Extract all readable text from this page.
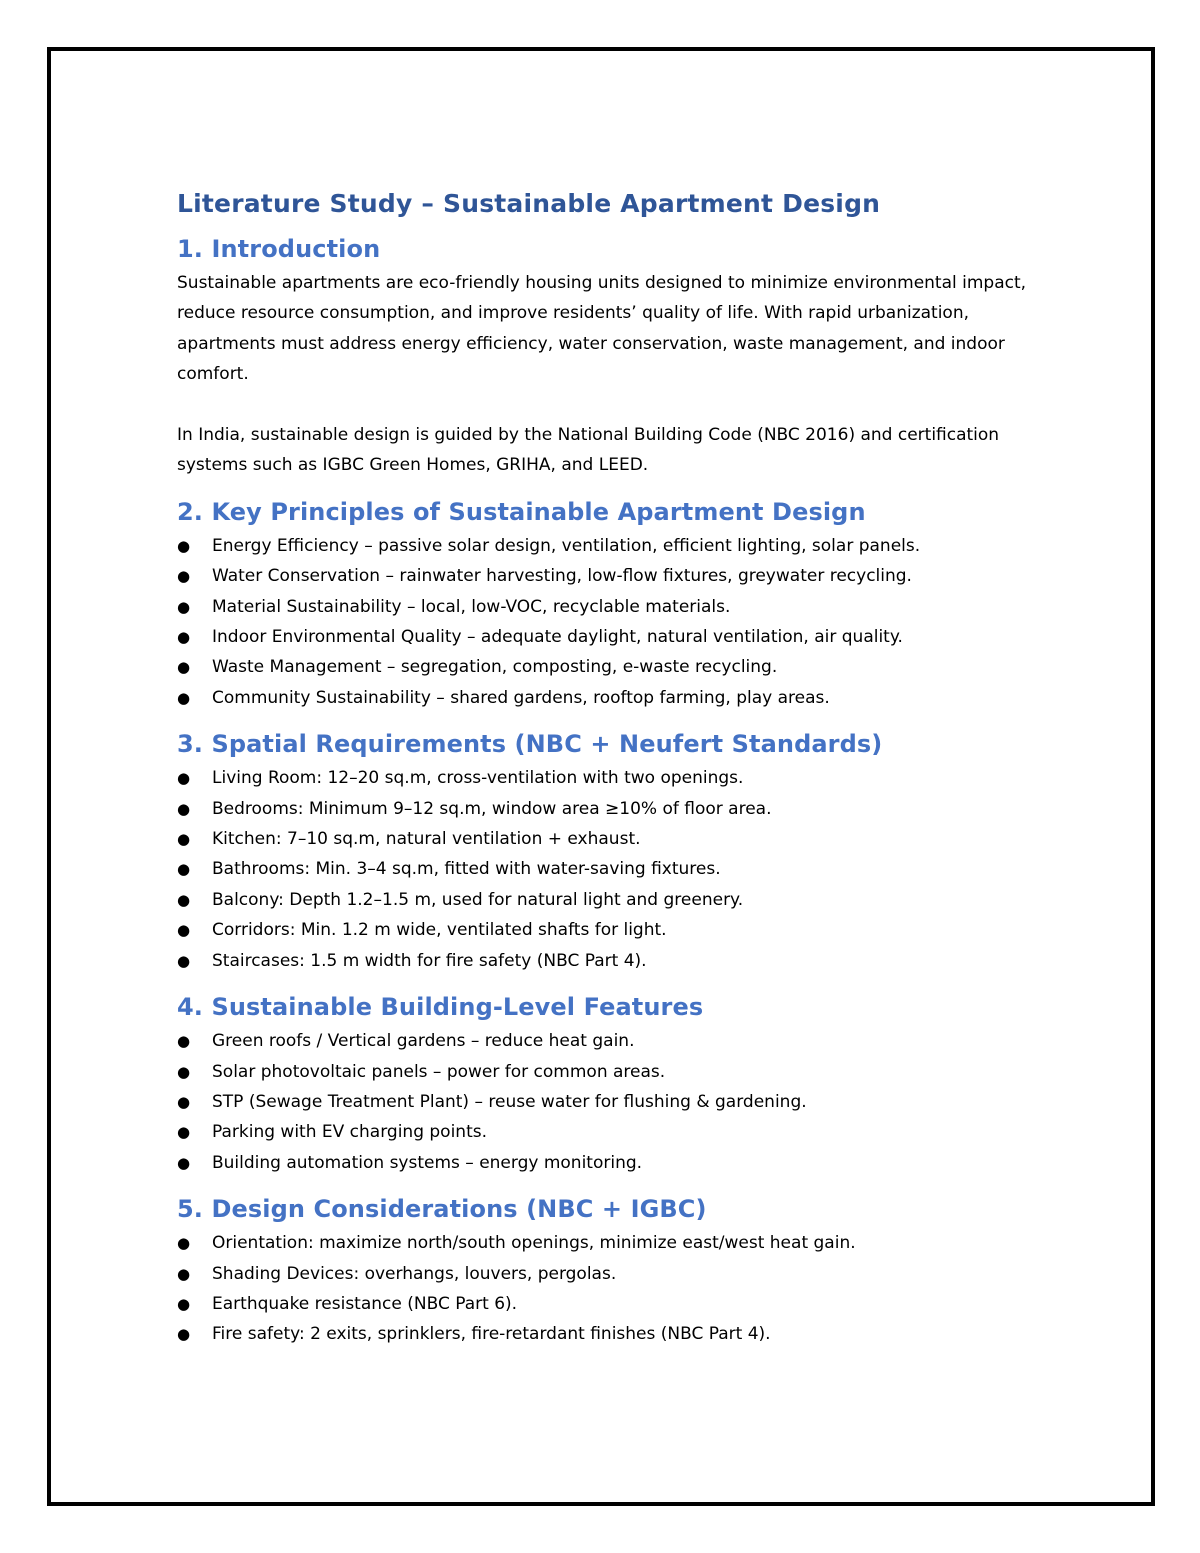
Literature Study – Sustainable Apartment Design
1. Introduction

Sustainable apartments are eco-friendly housing units designed to minimize environmental impact, reduce resource consumption, and improve residents’ quality of life. With rapid urbanization, apartments must address energy efficiency, water conservation, waste management, and indoor comfort.

In India, sustainable design is guided by the National Building Code (NBC 2016) and certification systems such as IGBC Green Homes, GRIHA, and LEED.

2. Key Principles of Sustainable Apartment Design
● Energy Efficiency – passive solar design, ventilation, efficient lighting, solar panels.
● Water Conservation – rainwater harvesting, low-flow fixtures, greywater recycling.
● Material Sustainability – local, low-VOC, recyclable materials.
● Indoor Environmental Quality – adequate daylight, natural ventilation, air quality.
● Waste Management – segregation, composting, e-waste recycling.
● Community Sustainability – shared gardens, rooftop farming, play areas.
3. Spatial Requirements (NBC + Neufert Standards)
● Living Room: 12–20 sq.m, cross-ventilation with two openings.
● Bedrooms: Minimum 9–12 sq.m, window area ≥10% of floor area.
● Kitchen: 7–10 sq.m, natural ventilation + exhaust.
● Bathrooms: Min. 3–4 sq.m, fitted with water-saving fixtures.
● Balcony: Depth 1.2–1.5 m, used for natural light and greenery.
● Corridors: Min. 1.2 m wide, ventilated shafts for light.
● Staircases: 1.5 m width for fire safety (NBC Part 4).
4. Sustainable Building-Level Features
● Green roofs / Vertical gardens – reduce heat gain.
● Solar photovoltaic panels – power for common areas.
● STP (Sewage Treatment Plant) – reuse water for flushing & gardening.
● Parking with EV charging points.
● Building automation systems – energy monitoring.
5. Design Considerations (NBC + IGBC)
● Orientation: maximize north/south openings, minimize east/west heat gain.
● Shading Devices: overhangs, louvers, pergolas.
● Earthquake resistance (NBC Part 6).
● Fire safety: 2 exits, sprinklers, fire-retardant finishes (NBC Part 4).
